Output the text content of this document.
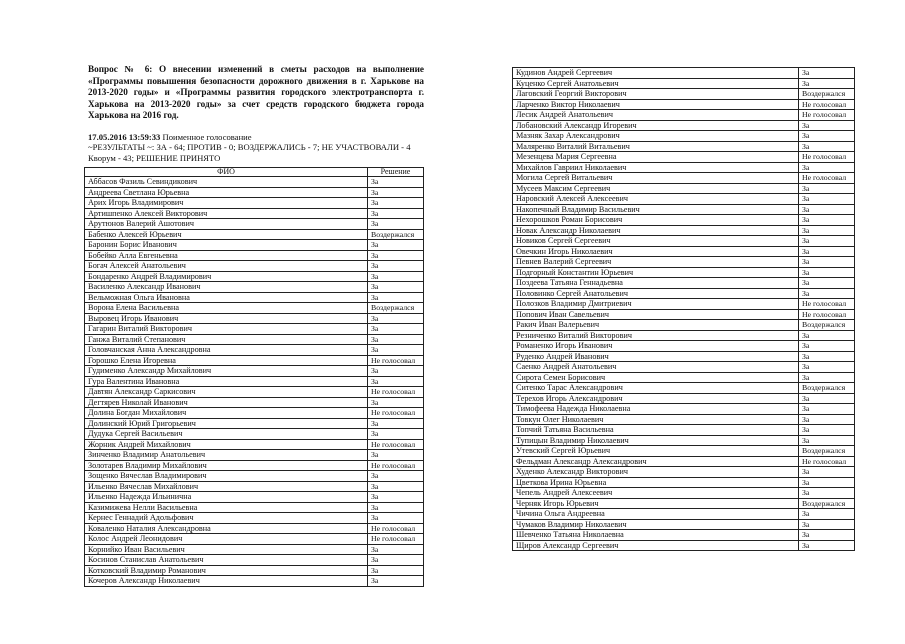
Вопрос № 6: О внесении изменений в сметы расходов на выполнение «Программы повышения безопасности дорожного движения в г. Харькове на 2013-2020 годы» и «Программы развития городского электротранспорта г. Харькова на 2013-2020 годы» за счет средств городского бюджета города Харькова на 2016 год.

17.05.2016 13:59:33 Поименное голосование
~РЕЗУЛЬТАТЫ ~: ЗА - 64; ПРОТИВ - 0; ВОЗДЕРЖАЛИСЬ - 7; НЕ УЧАСТВОВАЛИ - 4
Кворум - 43; РЕШЕНИЕ ПРИНЯТО
ФИО	Решение
Аббасов Фазиль Севиндикович	За
Андреева Светлана Юрьевна	За
Арих Игорь Владимирович	За
Артишпенко Алексей Викторович	За
Арутюнов Валерий Ашотович	За
Бабенко Алексей Юрьевич	Воздержался
Баронин Борис Иванович	За
Бобейко Алла Евгеньевна	За
Богач Алексей Анатольевич	За
Бондаренко Андрей Владимирович	За
Василенко Александр Иванович	За
Вельможная Ольга Ивановна	За
Ворона Елена Васильевна	Воздержался
Выровец Игорь Иванович	За
Гагарин Виталий Викторович	За
Ганжа Виталий Степанович	За
Головчанская Анна Александровна	За
Горошко Елена Игоревна	Не голосовал
Гудименко Александр Михайлович	За
Гура Валентина Ивановна	За
Давтян Александр Саркисович	Не голосовал
Дегтярев Николай Иванович	За
Долина Богдан Михайлович	Не голосовал
Долинский Юрий Григорьевич	За
Дудука Сергей Васильевич	За
Жорник Андрей Михайлович	Не голосовал
Зинченко Владимир Анатольевич	За
Золотарев Владимир Михайлович	Не голосовал
Зощенко Вячеслав Владимирович	За
Ильенко Вячеслав Михайлович	За
Ильенко Надежда Ильинична	За
Казимижева Нелли Васильевна	За
Кернес Геннадий Адольфович	За
Коваленко Наталия Александровна	Не голосовал
Колос Андрей Леонидович	Не голосовал
Корнийко Иван Васильевич	За
Косинов Станислав Анатольевич	За
Котковский Владимир Романович	За
Кочеров Александр Николаевич	За
Кудинов Андрей Сергеевич	За
Куценко Сергей Анатольевич	За
Лаговский Георгий Викторович	Воздержался
Ларченко Виктор Николаевич	Не голосовал
Лесик Андрей Анатольевич	Не голосовал
Лобановский Александр Игоревич	За
Мазняк Захар Александрович	За
Маляренко Виталий Витальевич	За
Мезенцева Мария Сергеевна	Не голосовал
Михайлов Гавриил Николаевич	За
Могила Сергей Витальевич	Не голосовал
Мусеев Максим Сергеевич	За
Наровский Алексей Алексеевич	За
Накопечный Владимир Васильевич	За
Нехорошков Роман Борисович	За
Новак Александр Николаевич	За
Новиков Сергей Сергеевич	За
Овечкин Игорь Николаевич	За
Певнев Валерий Сергеевич	За
Подгорный Константин Юрьевич	За
Поздеева Татьяна Геннадьевна	За
Половинко Сергей Анатольевич	За
Полозков Владимир Дмитриевич	Не голосовал
Попович Иван Савельевич	Не голосовал
Ракич Иван Валерьевич	Воздержался
Резниченко Виталий Викторович	За
Романенко Игорь Иванович	За
Руденко Андрей Иванович	За
Саенко Андрей Анатольевич	За
Сирота Семен Борисович	За
Ситенко Тарас Александрович	Воздержался
Терехов Игорь Александрович	За
Тимофеева Надежда Николаевна	За
Товкун Олег Николаевич	За
Топчий Татьяна Васильевна	За
Тупицын Владимир Николаевич	За
Утевский Сергей Юрьевич	Воздержался
Фельдман Александр Александрович	Не голосовал
Худенко Александр Викторович	За
Цветкова Ирина Юрьевна	За
Чепель Андрей Алексеевич	За
Черняк Игорь Юрьевич	Воздержался
Чичина Ольга Андреевна	За
Чумаков Владимир Николаевич	За
Шевченко Татьяна Николаевна	За
Щиров Александр Сергеевич	За
